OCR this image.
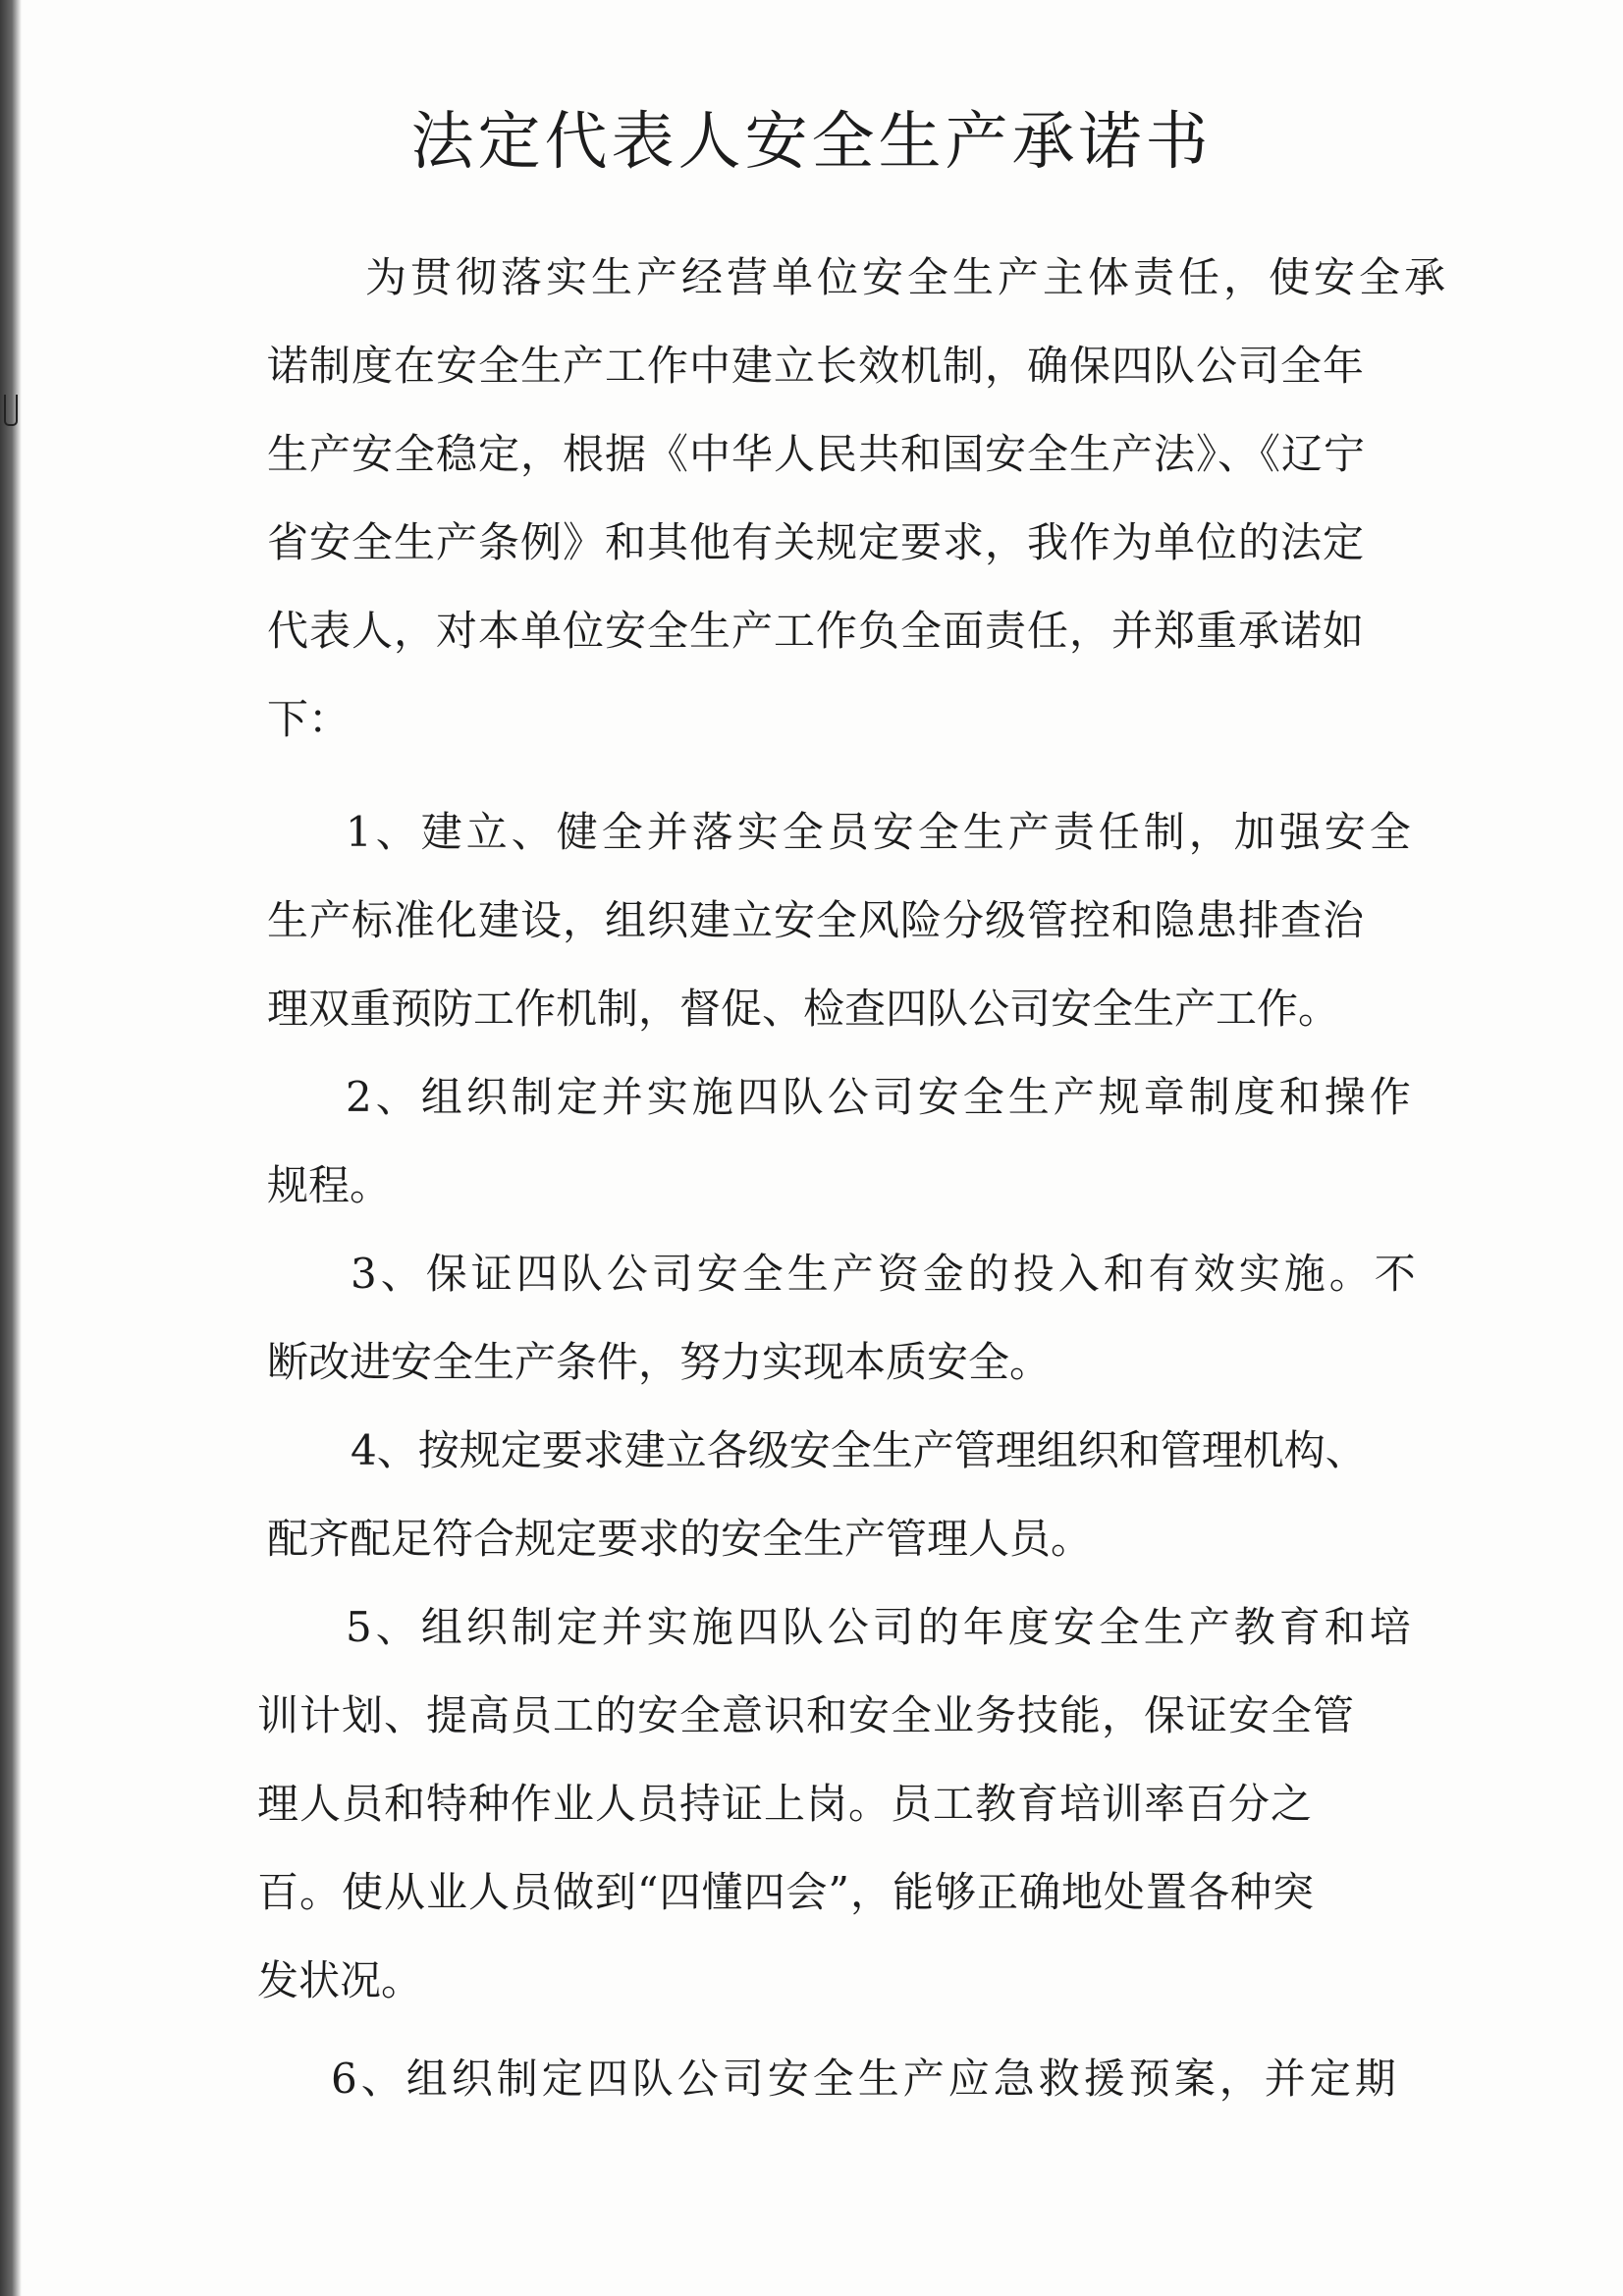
法定代表人安全生产承诺书
为贯彻落实生产经营单位安全生产主体责任，使安全承
诺制度在安全生产工作中建立长效机制，确保四队公司全年
生产安全稳定，根据《中华人民共和国安全生产法》、《辽宁
省安全生产条例》和其他有关规定要求，我作为单位的法定
代表人，对本单位安全生产工作负全面责任，并郑重承诺如
下：
1、建立、健全并落实全员安全生产责任制，加强安全
生产标准化建设，组织建立安全风险分级管控和隐患排查治
理双重预防工作机制，督促、检查四队公司安全生产工作。
2、组织制定并实施四队公司安全生产规章制度和操作
规程。
3、保证四队公司安全生产资金的投入和有效实施。不
断改进安全生产条件，努力实现本质安全。
4、按规定要求建立各级安全生产管理组织和管理机构、
配齐配足符合规定要求的安全生产管理人员。
5、组织制定并实施四队公司的年度安全生产教育和培
训计划、提高员工的安全意识和安全业务技能，保证安全管
理人员和特种作业人员持证上岗。员工教育培训率百分之
百。使从业人员做到“四懂四会”，能够正确地处置各种突
发状况。
6、组织制定四队公司安全生产应急救援预案，并定期
